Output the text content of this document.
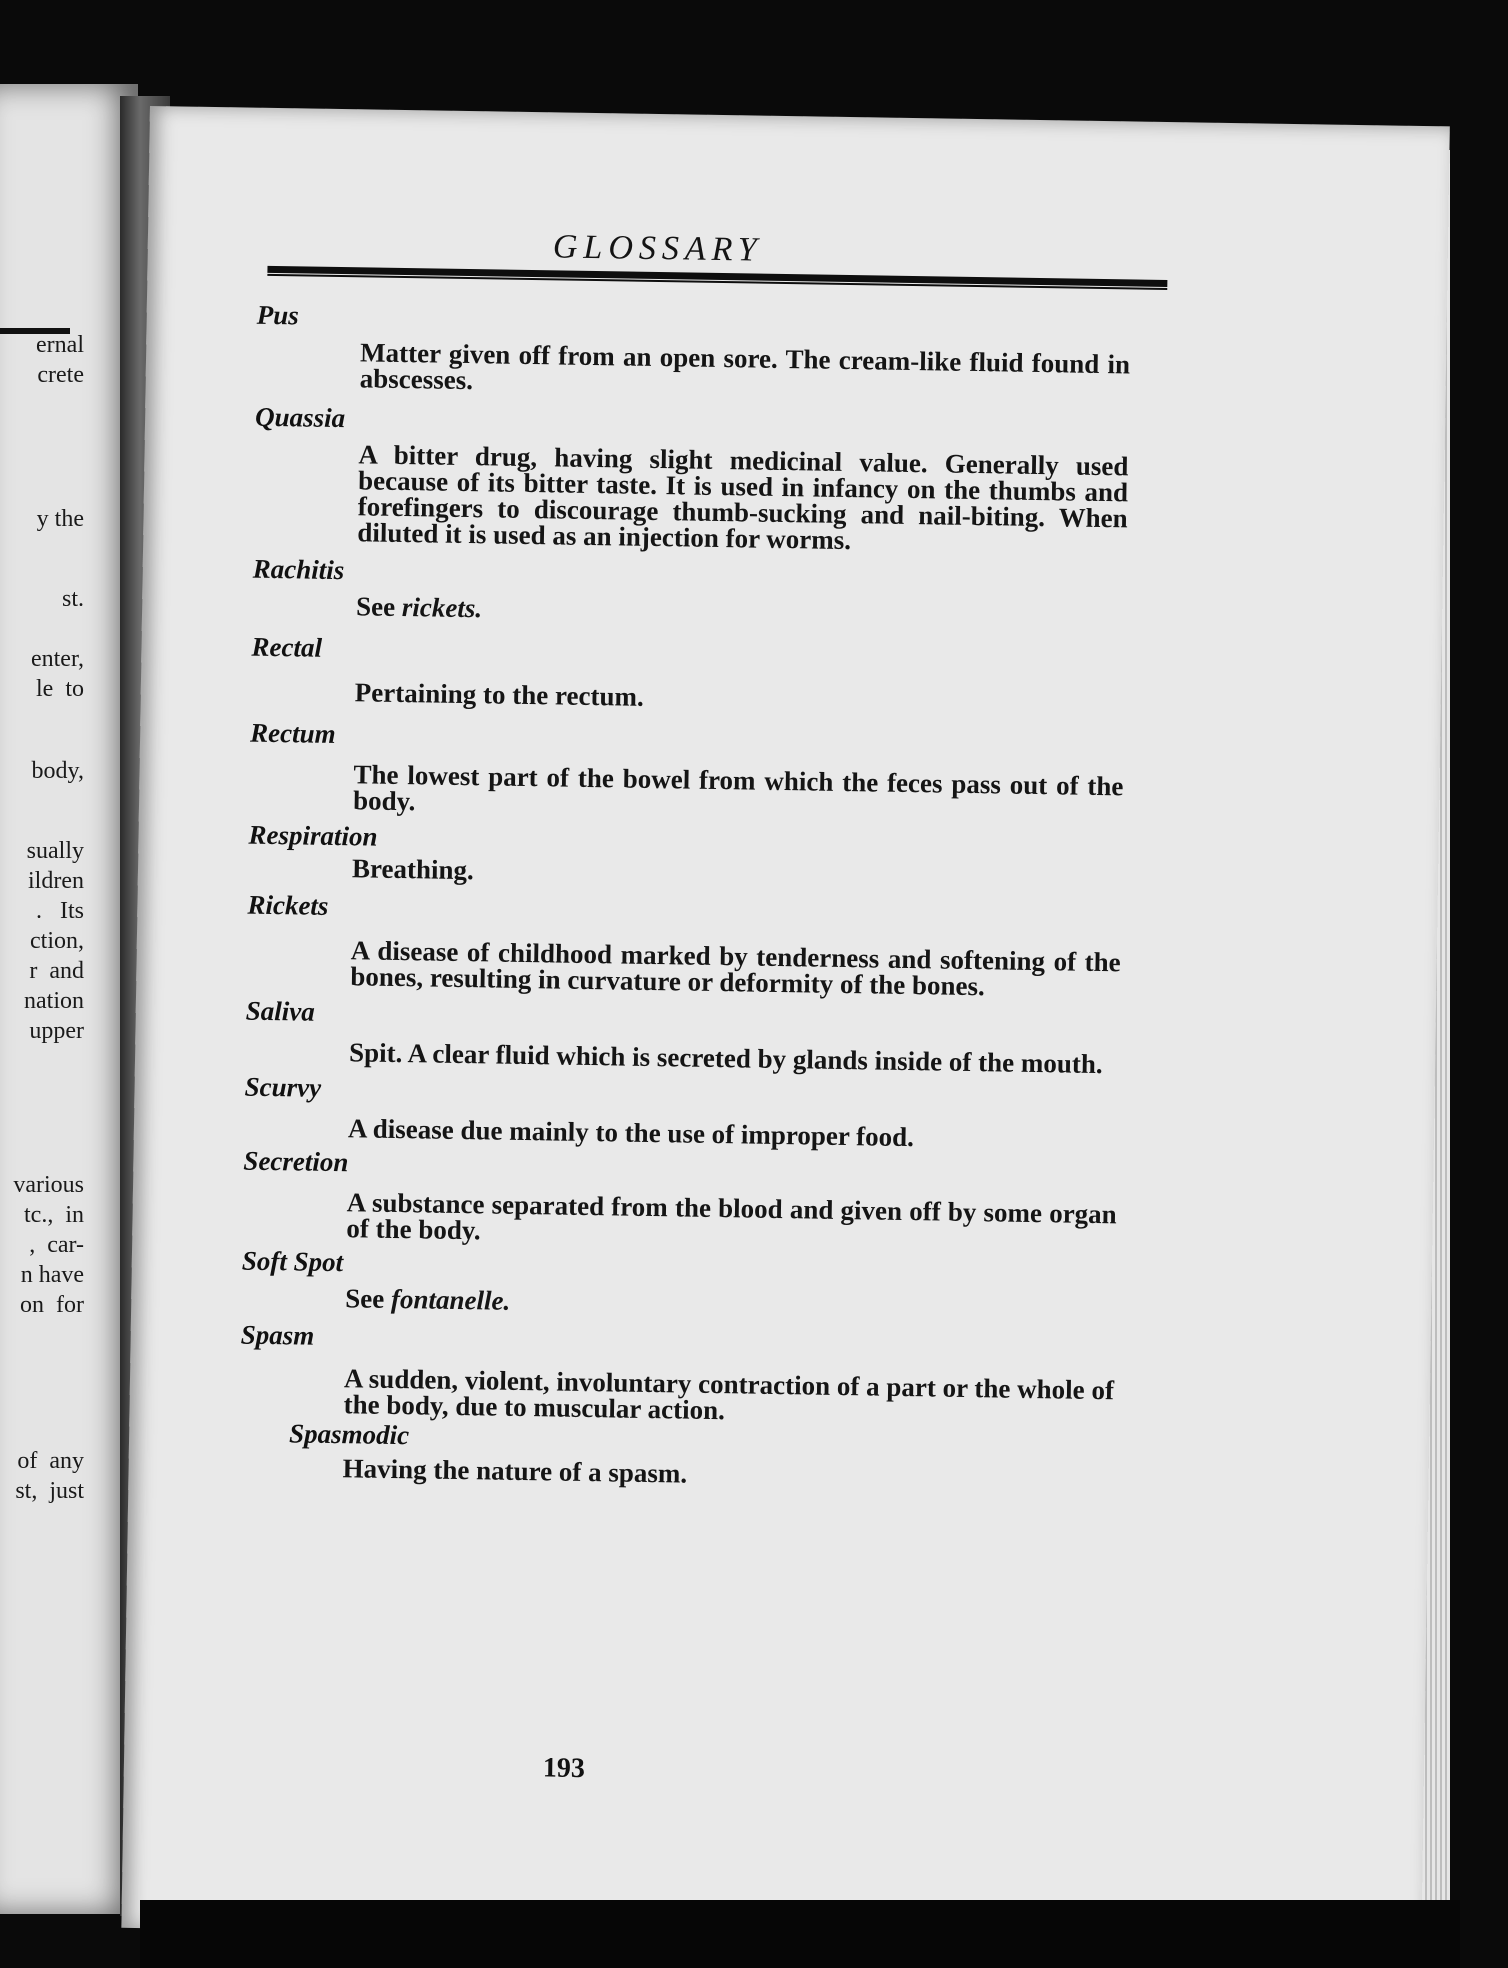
ernal
crete
y the
st.
enter,
le  to
body,
sually
ildren
.   Its
ction,
r  and
nation
upper
various
tc.,  in
,  car-
n have
on  for
of  any
st,  just
GLOSSARY
Pus
Matter given off from an open sore. The cream-like fluid found in abscesses.
Quassia
A bitter drug, having slight medicinal value. Generally used because of its bitter taste. It is used in infancy on the thumbs and forefingers to discourage thumb-sucking and nail-biting. When diluted it is used as an injection for worms.
Rachitis
See rickets.
Rectal
Pertaining to the rectum.
Rectum
The lowest part of the bowel from which the feces pass out of the body.
Respiration
Breathing.
Rickets
A disease of childhood marked by tenderness and softening of the bones, resulting in curvature or deformity of the bones.
Saliva
Spit. A clear fluid which is secreted by glands inside of the mouth.
Scurvy
A disease due mainly to the use of improper food.
Secretion
A substance separated from the blood and given off by some organ of the body.
Soft Spot
See fontanelle.
Spasm
A sudden, violent, involuntary contraction of a part or the whole of the body, due to muscular action.
Spasmodic
Having the nature of a spasm.
193
